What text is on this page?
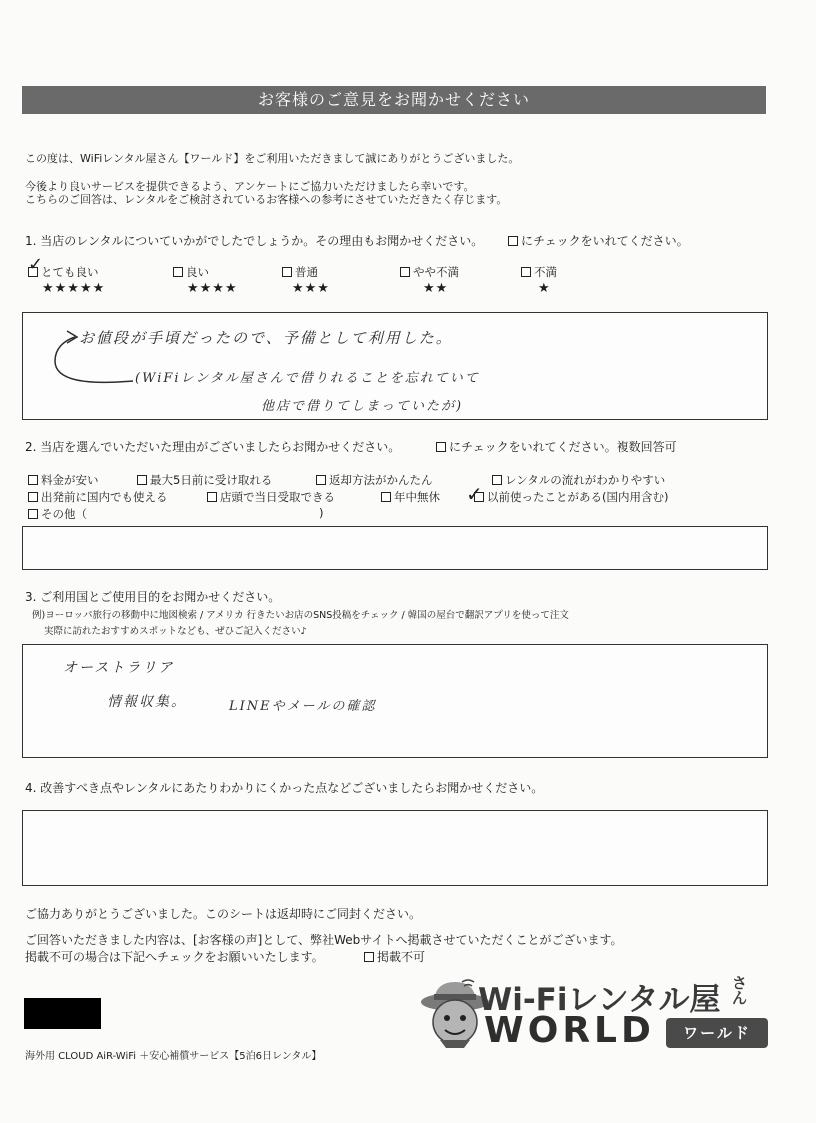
お客様のご意見をお聞かせください
この度は、WiFiレンタル屋さん【ワールド】をご利用いただきまして誠にありがとうございました。
今後より良いサービスを提供できるよう、アンケートにご協力いただけましたら幸いです。
こちらのご回答は、レンタルをご検討されているお客様への参考にさせていただきたく存じます。
1. 当店のレンタルについていかがでしたでしょうか。その理由もお聞かせください。	にチェックをいれてください。
とても良い
✓
★★★★★
良い
★★★★
普通
★★★
やや不満
★★
不満
★
お値段が手頃だったので、予備として利用した。
(WiFiレンタル屋さんで借りれることを忘れていて
他店で借りてしまっていたが)
2. 当店を選んでいただいた理由がございましたらお聞かせください。	にチェックをいれてください。複数回答可
料金が安い	最大5日前に受け取れる	返却方法がかんたん	レンタルの流れがわかりやすい
出発前に国内でも使える	店頭で当日受取できる	年中無休	以前使ったことがある(国内用含む)
✓
その他（	)
3. ご利用国とご使用目的をお聞かせください。
例)ヨーロッパ旅行の移動中に地図検索 / アメリカ 行きたいお店のSNS投稿をチェック / 韓国の屋台で翻訳アプリを使って注文
実際に訪れたおすすめスポットなども、ぜひご記入ください♪
オーストラリア
情報収集。	LINEやメールの確認
4. 改善すべき点やレンタルにあたりわかりにくかった点などございましたらお聞かせください。
ご協力ありがとうございました。このシートは返却時にご同封ください。
ご回答いただきました内容は、[お客様の声]として、弊社Webサイトへ掲載させていただくことがございます。
掲載不可の場合は下記へチェックをお願いいたします。	掲載不可
海外用 CLOUD AiR-WiFi ＋安心補償サービス【5泊6日レンタル】
Wi-Fiレンタル屋 さん
WORLD	ワールド
